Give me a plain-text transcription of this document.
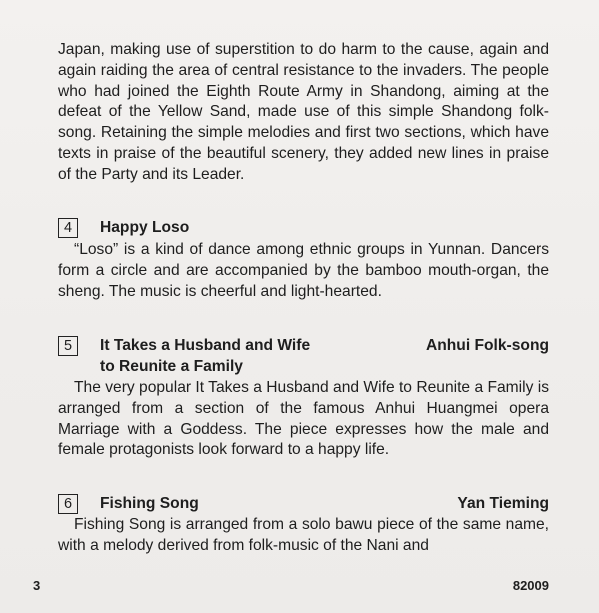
Japan, making use of superstition to do harm to the cause, again and again raiding the area of central resistance to the invaders. The people who had joined the Eighth Route Army in Shandong, aiming at the defeat of the Yellow Sand, made use of this simple Shandong folk-song. Retaining the simple melodies and first two sections, which have texts in praise of the beautiful scenery, they added new lines in praise of the Party and its Leader.

4	Happy Loso

“Loso” is a kind of dance among ethnic groups in Yunnan. Dancers form a circle and are accompanied by the bamboo mouth-organ, the sheng. The music is cheerful and light-hearted.

5	It Takes a Husband and Wife
to Reunite a Family
Anhui Folk-song

The very popular It Takes a Husband and Wife to Reunite a Family is arranged from a section of the famous Anhui Huangmei opera Marriage with a Goddess. The piece expresses how the male and female protagonists look forward to a happy life.

6	Fishing Song	Yan Tieming

Fishing Song is arranged from a solo bawu piece of the same name, with a melody derived from folk-music of the Nani and

3	82009
